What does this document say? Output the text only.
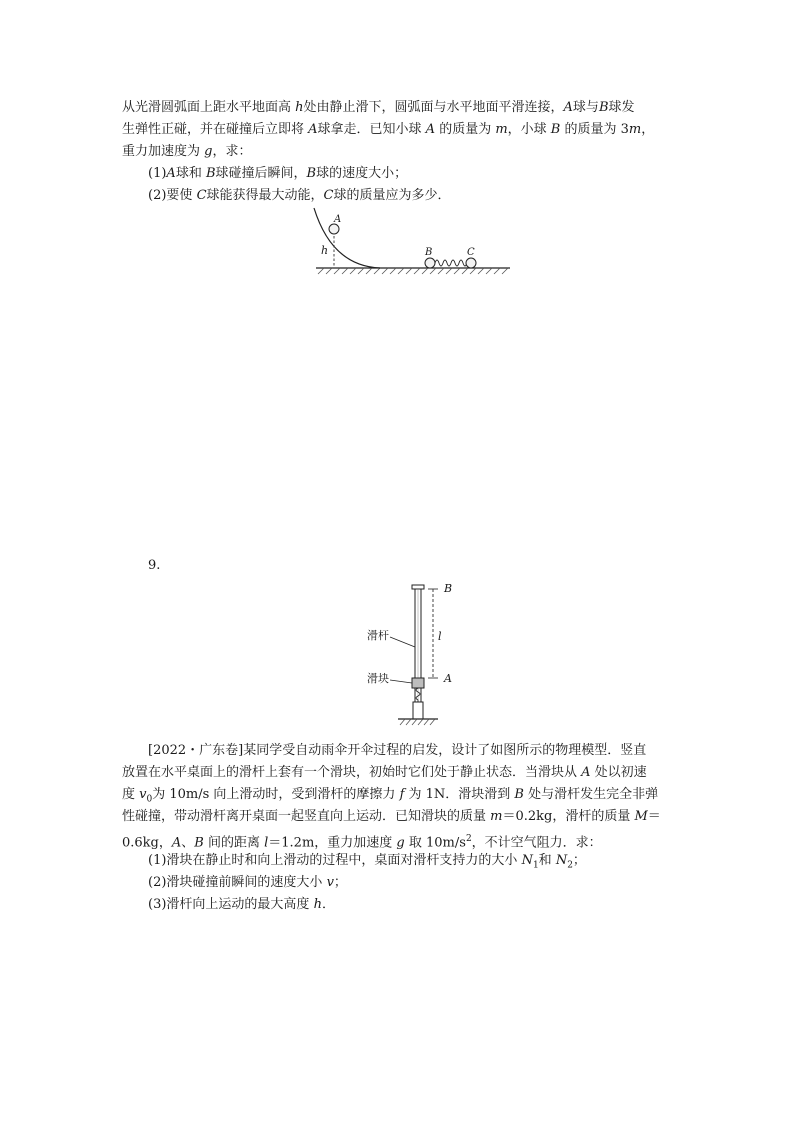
从光滑圆弧面上距水平地面高 h处由静止滑下，圆弧面与水平地面平滑连接，A球与B球发
生弹性正碰，并在碰撞后立即将 A球拿走．已知小球 A 的质量为 m，小球 B 的质量为 3m，
重力加速度为 g，求：
(1)A球和 B球碰撞后瞬间，B球的速度大小；
(2)要使 C球能获得最大动能，C球的质量应为多少．
h
A
B	C
9.
B
l
A
滑杆
滑块
[2022・广东卷]某同学受自动雨伞开伞过程的启发，设计了如图所示的物理模型．竖直
放置在水平桌面上的滑杆上套有一个滑块，初始时它们处于静止状态．当滑块从 A 处以初速
度 $v_0$为 10m/s 向上滑动时，受到滑杆的摩擦力 f 为 1N．滑块滑到 B 处与滑杆发生完全非弹
性碰撞，带动滑杆离开桌面一起竖直向上运动．已知滑块的质量 m＝0.2kg，滑杆的质量 M＝
0.6kg，A、B 间的距离 l＝1.2m，重力加速度 g 取 $10m/s^2$，不计空气阻力．求：
(1)滑块在静止时和向上滑动的过程中，桌面对滑杆支持力的大小 $N_1$和 $N_2$；
(2)滑块碰撞前瞬间的速度大小 v；
(3)滑杆向上运动的最大高度 h．
